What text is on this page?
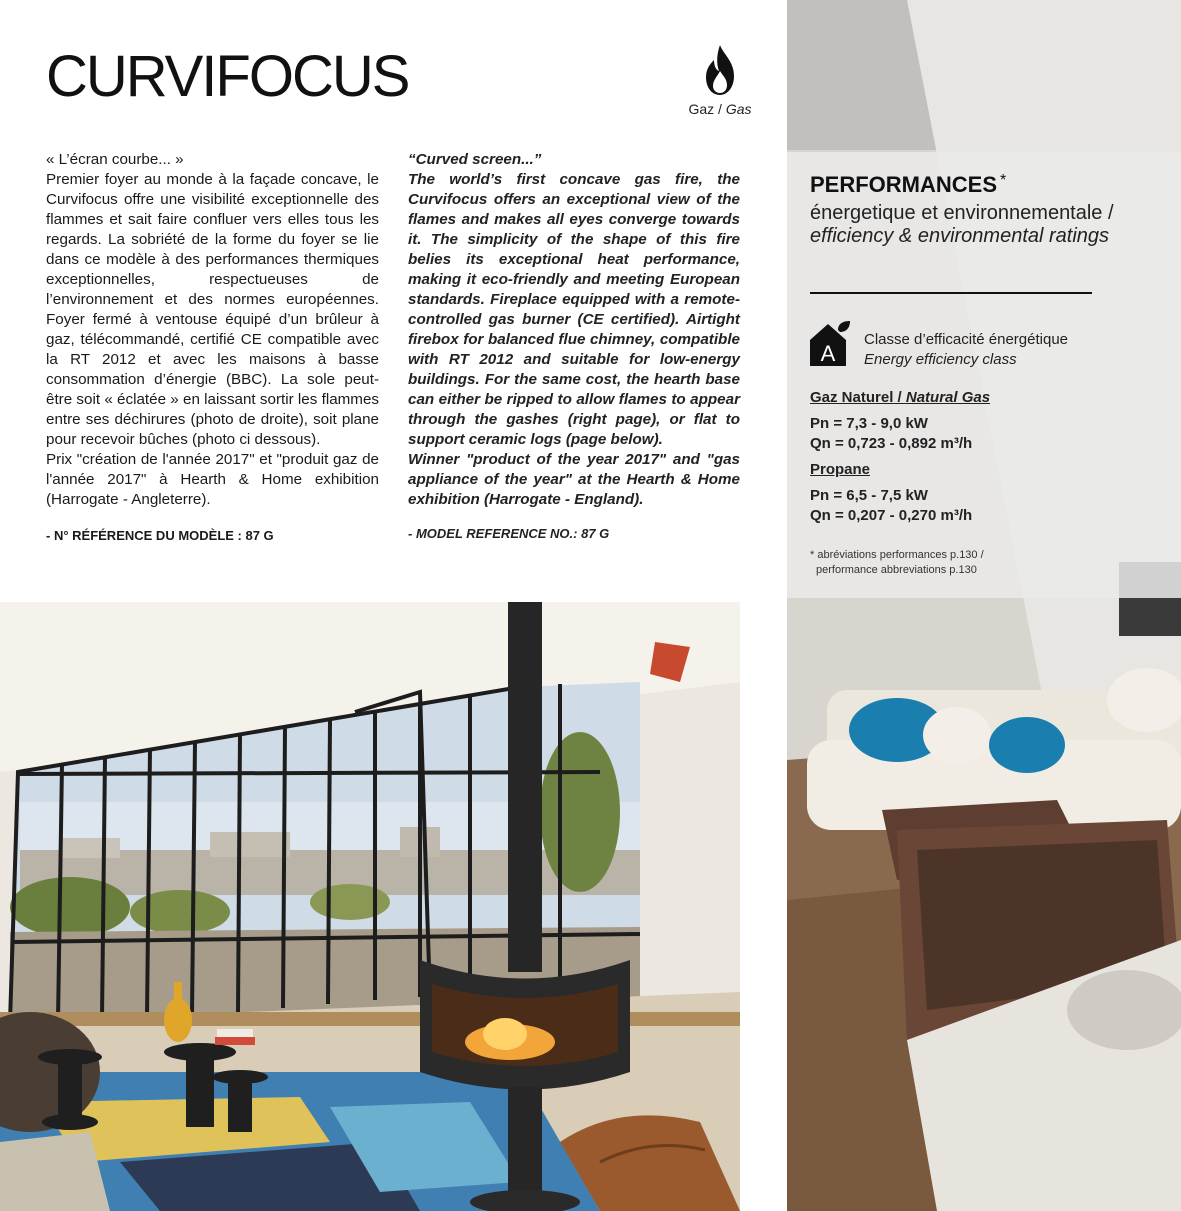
CURVIFOCUS	Gaz / Gas

« L’écran courbe... »

Premier foyer au monde à la façade concave, le Curvifocus offre une visibilité exceptionnelle des flammes et sait faire confluer vers elles tous les regards. La sobriété de la forme du foyer se lie dans ce modèle à des performances thermiques exceptionnelles, respectueuses de l’environnement et des normes européennes. Foyer fermé à ventouse équipé d’un brûleur à gaz, télécommandé, certifié CE compatible avec la RT 2012 et avec les maisons à basse consommation d’énergie (BBC). La sole peut-être soit « éclatée » en laissant sortir les flammes entre ses déchirures (photo de droite), soit plane pour recevoir bûches (photo ci dessous).

Prix "création de l'année 2017" et "produit gaz de l'année 2017" à Hearth & Home exhibition (Harrogate - Angleterre).

- N° RÉFÉRENCE DU MODÈLE : 87 G

“Curved screen...”

The world’s first concave gas fire, the Curvifocus offers an exceptional view of the flames and makes all eyes converge towards it. The simplicity of the shape of this fire belies its exceptional heat performance, making it eco-friendly and meeting European standards. Fireplace equipped with a remote-controlled gas burner (CE certified). Airtight firebox for balanced flue chimney, compatible with RT 2012 and suitable for low-energy buildings. For the same cost, the hearth base can either be ripped to allow flames to appear through the gashes (right page), or flat to support ceramic logs (page below).

Winner "product of the year 2017" and "gas appliance of the year" at the Hearth & Home exhibition (Harrogate - England).

- MODEL REFERENCE NO.: 87 G

PERFORMANCES *
énergetique et environnementale / efficiency & environmental ratings
A
Classe d’efficacité énergétique
Energy efficiency class
Gaz Naturel / Natural Gas
Pn = 7,3 - 9,0 kW
Qn = 0,723 - 0,892 m³/h
Propane
Pn = 6,5 - 7,5 kW
Qn = 0,207 - 0,270 m³/h
* abréviations performances p.130 /
performance abbreviations p.130
